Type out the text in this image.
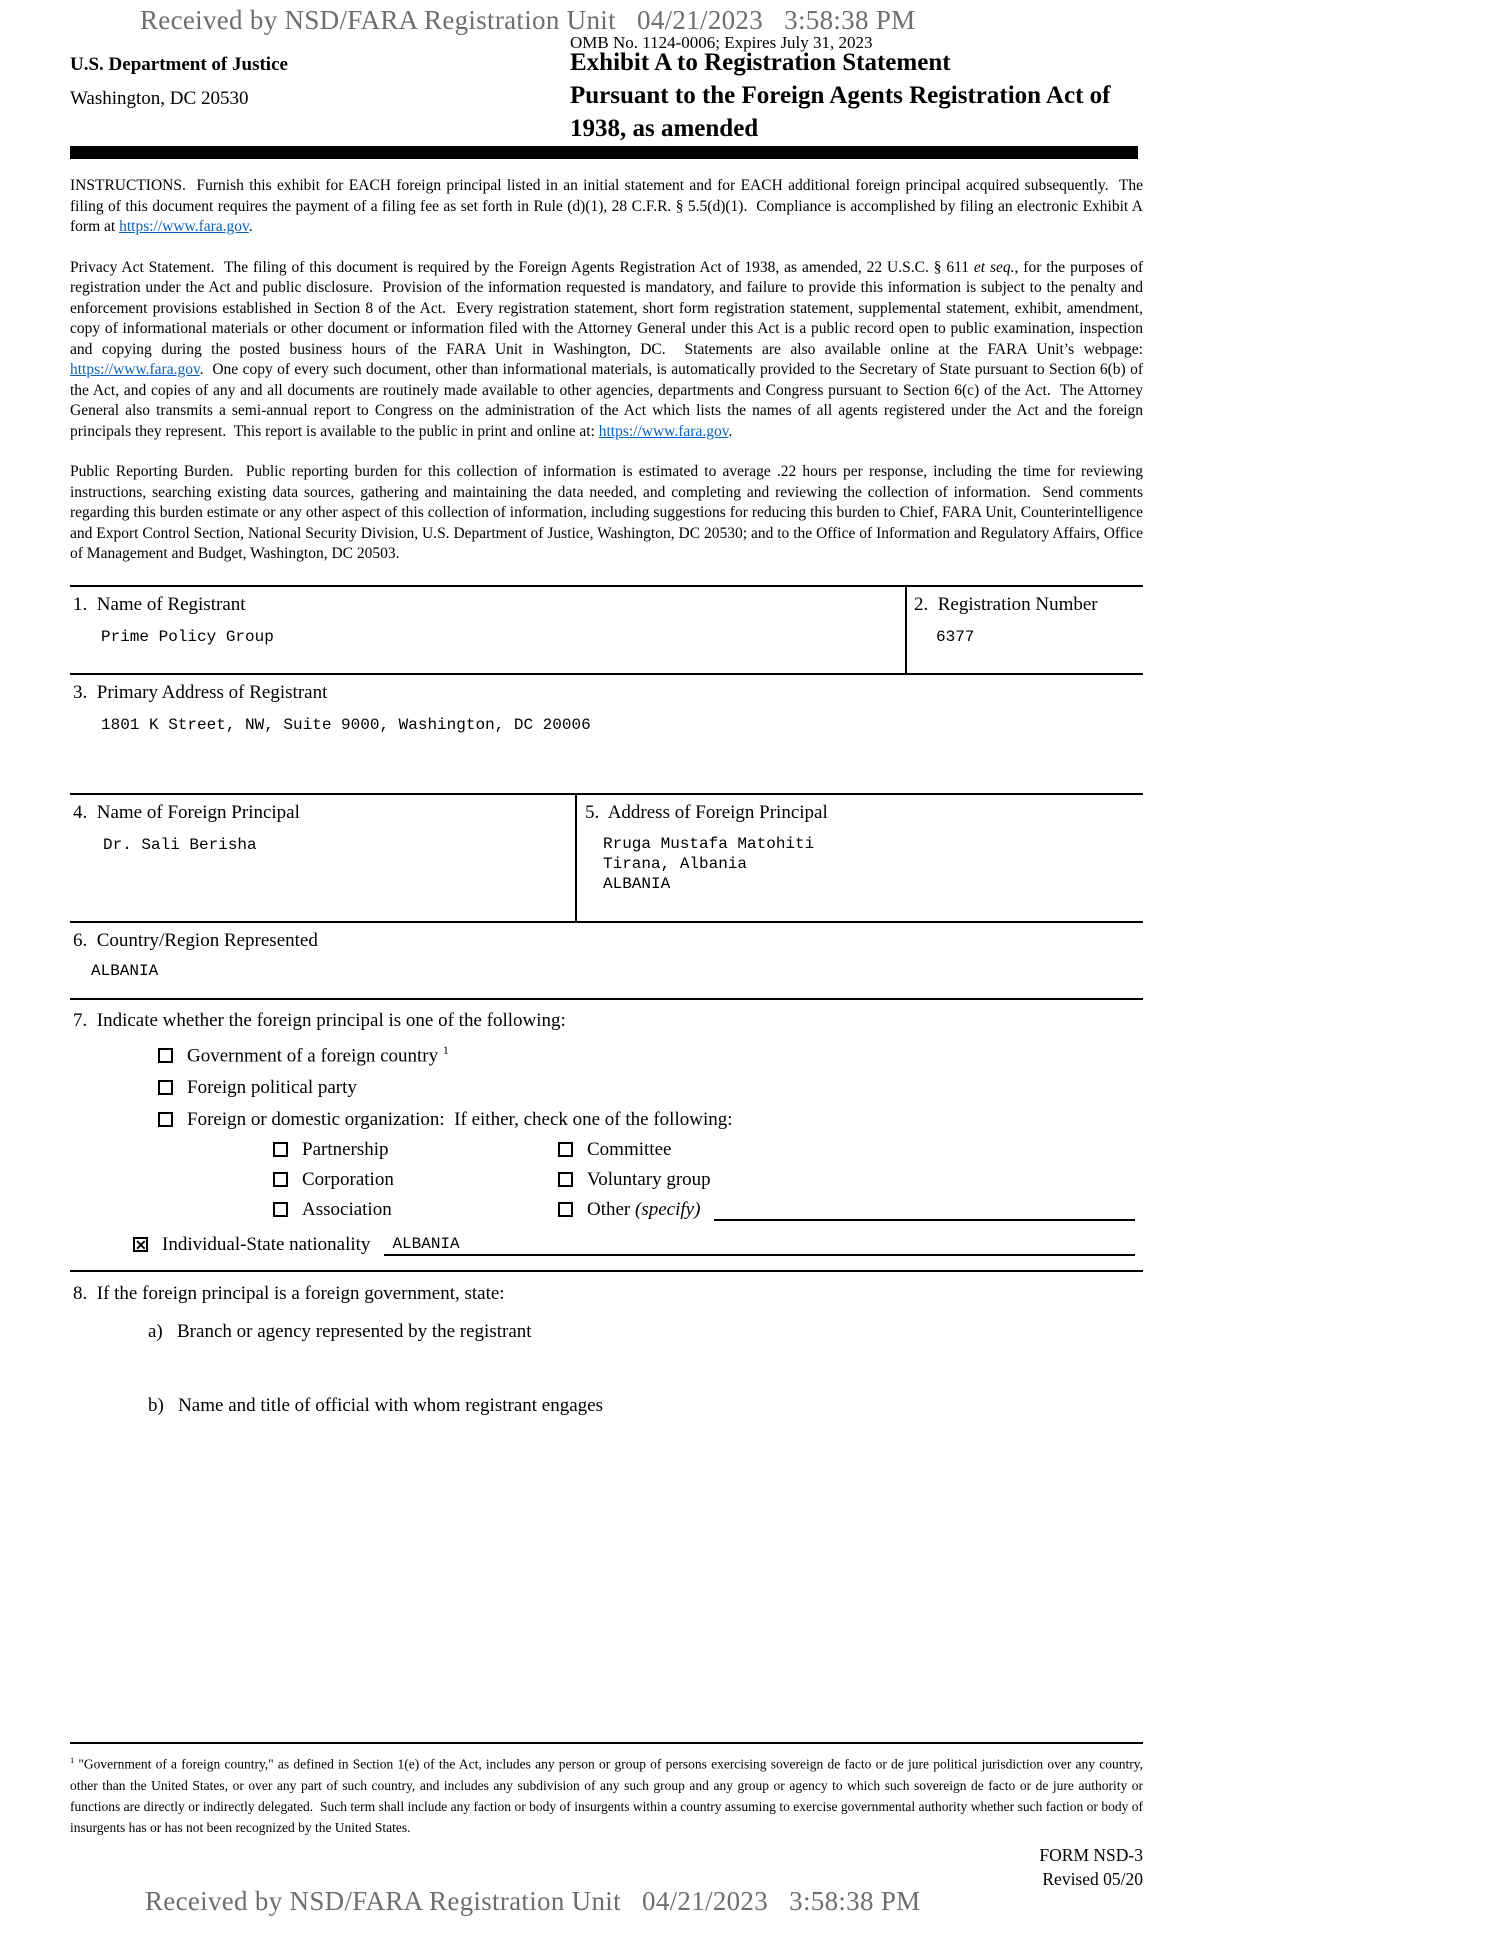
Received by NSD/FARA Registration Unit   04/21/2023   3:58:38 PM
OMB No. 1124-0006; Expires July 31, 2023
U.S. Department of Justice
Washington, DC 20530
Exhibit A to Registration Statement
Pursuant to the Foreign Agents Registration Act of 1938, as amended

INSTRUCTIONS.  Furnish this exhibit for EACH foreign principal listed in an initial statement and for EACH additional foreign principal acquired subsequently.  The filing of this document requires the payment of a filing fee as set forth in Rule (d)(1), 28 C.F.R. § 5.5(d)(1).  Compliance is accomplished by filing an electronic Exhibit A form at https://www.fara.gov.

Privacy Act Statement.  The filing of this document is required by the Foreign Agents Registration Act of 1938, as amended, 22 U.S.C. § 611 et seq., for the purposes of registration under the Act and public disclosure.  Provision of the information requested is mandatory, and failure to provide this information is subject to the penalty and enforcement provisions established in Section 8 of the Act.  Every registration statement, short form registration statement, supplemental statement, exhibit, amendment, copy of informational materials or other document or information filed with the Attorney General under this Act is a public record open to public examination, inspection and copying during the posted business hours of the FARA Unit in Washington, DC.  Statements are also available online at the FARA Unit’s webpage: https://www.fara.gov.  One copy of every such document, other than informational materials, is automatically provided to the Secretary of State pursuant to Section 6(b) of the Act, and copies of any and all documents are routinely made available to other agencies, departments and Congress pursuant to Section 6(c) of the Act.  The Attorney General also transmits a semi-annual report to Congress on the administration of the Act which lists the names of all agents registered under the Act and the foreign principals they represent.  This report is available to the public in print and online at: https://www.fara.gov.

Public Reporting Burden.  Public reporting burden for this collection of information is estimated to average .22 hours per response, including the time for reviewing instructions, searching existing data sources, gathering and maintaining the data needed, and completing and reviewing the collection of information.  Send comments regarding this burden estimate or any other aspect of this collection of information, including suggestions for reducing this burden to Chief, FARA Unit, Counterintelligence and Export Control Section, National Security Division, U.S. Department of Justice, Washington, DC 20530; and to the Office of Information and Regulatory Affairs, Office of Management and Budget, Washington, DC 20503.

1.  Name of Registrant
Prime Policy Group
2.  Registration Number
6377
3.  Primary Address of Registrant
1801 K Street, NW, Suite 9000, Washington, DC 20006
4.  Name of Foreign Principal
Dr. Sali Berisha
5.  Address of Foreign Principal
Rruga Mustafa Matohiti
Tirana, Albania
ALBANIA
6.  Country/Region Represented
ALBANIA
7.  Indicate whether the foreign principal is one of the following:
Government of a foreign country $^1$
Foreign political party
Foreign or domestic organization:  If either, check one of the following:
Partnership	Committee
Corporation	Voluntary group
Association	Other (specify)
✕ Individual-State nationality	ALBANIA
8.  If the foreign principal is a foreign government, state:
a)   Branch or agency represented by the registrant
b)   Name and title of official with whom registrant engages
$^1$ "Government of a foreign country," as defined in Section 1(e) of the Act, includes any person or group of persons exercising sovereign de facto or de jure political jurisdiction over any country, other than the United States, or over any part of such country, and includes any subdivision of any such group and any group or agency to which such sovereign de facto or de jure authority or functions are directly or indirectly delegated.  Such term shall include any faction or body of insurgents within a country assuming to exercise governmental authority whether such faction or body of insurgents has or has not been recognized by the United States.
FORM NSD-3
Revised 05/20
Received by NSD/FARA Registration Unit   04/21/2023   3:58:38 PM
